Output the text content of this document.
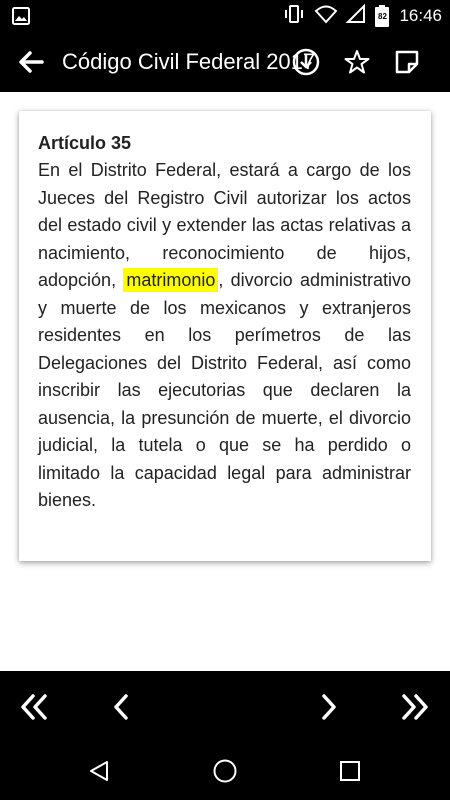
82 16:46
Código Civil Federal 2017
Artículo 35
En el Distrito Federal, estará a cargo de los Jueces del Registro Civil autorizar los actos del estado civil y extender las actas relativas a nacimiento, reconocimiento de hijos, adopción, matrimonio , divorcio administrativo y muerte de los mexicanos y extranjeros residentes en los perímetros de las Delegaciones del Distrito Federal, así como inscribir las ejecutorias que declaren la ausencia, la presunción de muerte, el divorcio judicial, la tutela o que se ha perdido o limitado la capacidad legal para administrar bienes.
